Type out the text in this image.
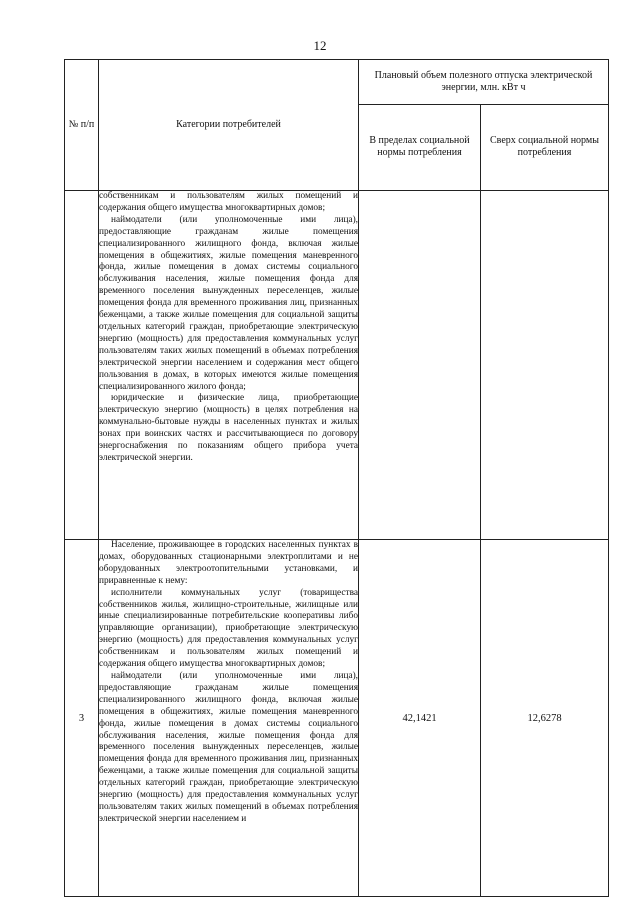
12
№ п/п	Категории потребителей	Плановый объем полезного отпуска электрической энергии, млн. кВт ч	
		В пределах социальной нормы потребления	Сверх социальной нормы потребления

	собственникам и пользователям жилых помещений и содержания общего имущества многоквартирных домов;

наймодатели (или уполномоченные ими лица), предоставляющие гражданам жилые помещения специализированного жилищного фонда, включая жилые помещения в общежитиях, жилые помещения маневренного фонда, жилые помещения в домах системы социального обслуживания населения, жилые помещения фонда для временного поселения вынужденных переселенцев, жилые помещения фонда для временного проживания лиц, признанных беженцами, а также жилые помещения для социальной защиты отдельных категорий граждан, приобретающие электрическую энергию (мощность) для предоставления коммунальных услуг пользователям таких жилых помещений в объемах потребления электрической энергии населением и содержания мест общего пользования в домах, в которых имеются жилые помещения специализированного жилого фонда;

юридические и физические лица, приобретающие электрическую энергию (мощность) в целях потребления на коммунально-бытовые нужды в населенных пунктах и жилых зонах при воинских частях и рассчитывающиеся по договору энергоснабжения по показаниям общего прибора учета электрической энергии.		

3	Население, проживающее в городских населенных пунктах в домах, оборудованных стационарными электроплитами и не оборудованных электроотопительными установками, и приравненные к нему:

исполнители коммунальных услуг (товарищества собственников жилья, жилищно-строительные, жилищные или иные специализированные потребительские кооперативы либо управляющие организации), приобретающие электрическую энергию (мощность) для предоставления коммунальных услуг собственникам и пользователям жилых помещений и содержания общего имущества многоквартирных домов;

наймодатели (или уполномоченные ими лица), предоставляющие гражданам жилые помещения специализированного жилищного фонда, включая жилые помещения в общежитиях, жилые помещения маневренного фонда, жилые помещения в домах системы социального обслуживания населения, жилые помещения фонда для временного поселения вынужденных переселенцев, жилые помещения фонда для временного проживания лиц, признанных беженцами, а также жилые помещения для социальной защиты отдельных категорий граждан, приобретающие электрическую энергию (мощность) для предоставления коммунальных услуг пользователям таких жилых помещений в объемах потребления электрической энергии населением и	42,1421	12,6278
